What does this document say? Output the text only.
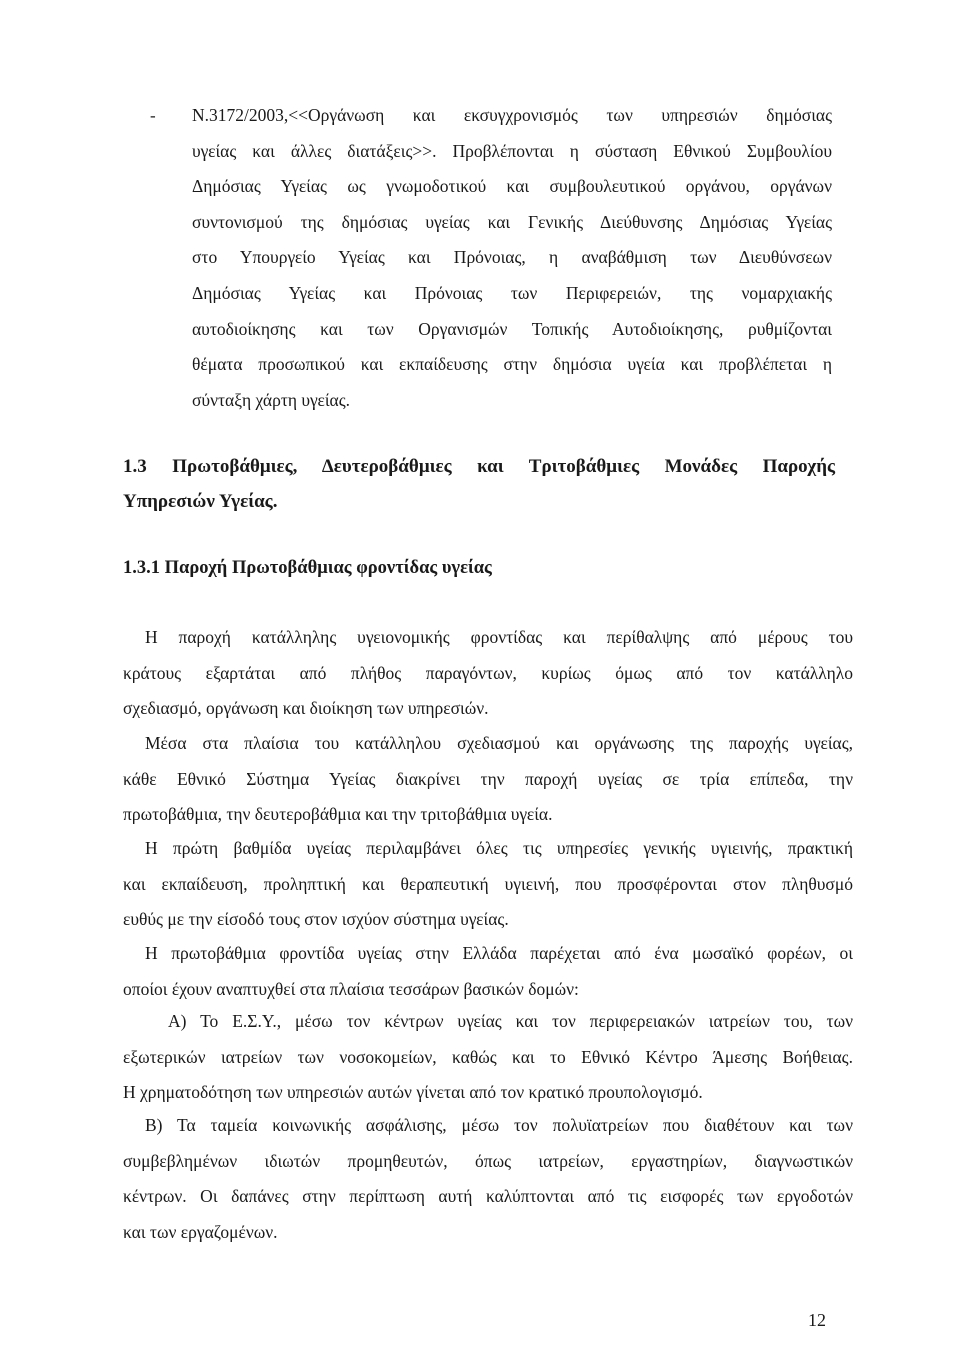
- Ν.3172/2003,<<Οργάνωση και εκσυγχρονισμός των υπηρεσιών δημόσιας
υγείας και άλλες διατάξεις>>. Προβλέπονται η σύσταση Εθνικού Συμβουλίου
Δημόσιας Υγείας ως γνωμοδοτικού και συμβουλευτικού οργάνου, οργάνων
συντονισμού της δημόσιας υγείας και Γενικής Διεύθυνσης Δημόσιας Υγείας
στο Υπουργείο Υγείας και Πρόνοιας, η αναβάθμιση των Διευθύνσεων
Δημόσιας Υγείας και Πρόνοιας των Περιφερειών, της νομαρχιακής
αυτοδιοίκησης και των Οργανισμών Τοπικής Αυτοδιοίκησης, ρυθμίζονται
θέματα προσωπικού και εκπαίδευσης στην δημόσια υγεία και προβλέπεται η
σύνταξη χάρτη υγείας.
1.3 Πρωτοβάθμιες, Δευτεροβάθμιες και Τριτοβάθμιες Μονάδες Παροχής
Υπηρεσιών Υγείας.
1.3.1 Παροχή Πρωτοβάθμιας φροντίδας υγείας
Η παροχή κατάλληλης υγειονομικής φροντίδας και περίθαλψης από μέρους του
κράτους εξαρτάται από πλήθος παραγόντων, κυρίως όμως από τον κατάλληλο
σχεδιασμό, οργάνωση και διοίκηση των υπηρεσιών.
Μέσα στα πλαίσια του κατάλληλου σχεδιασμού και οργάνωσης της παροχής υγείας,
κάθε Εθνικό Σύστημα Υγείας διακρίνει την παροχή υγείας σε τρία επίπεδα, την
πρωτοβάθμια, την δευτεροβάθμια και την τριτοβάθμια υγεία.
Η πρώτη βαθμίδα υγείας περιλαμβάνει όλες τις υπηρεσίες γενικής υγιεινής, πρακτική
και εκπαίδευση, προληπτική και θεραπευτική υγιεινή, που προσφέρονται στον πληθυσμό
ευθύς με την είσοδό τους στον ισχύον σύστημα υγείας.
Η πρωτοβάθμια φροντίδα υγείας στην Ελλάδα παρέχεται από ένα μωσαϊκό φορέων, οι
οποίοι έχουν αναπτυχθεί στα πλαίσια τεσσάρων βασικών δομών:
Α) Το Ε.Σ.Υ., μέσω τον κέντρων υγείας και τον περιφερειακών ιατρείων του, των
εξωτερικών ιατρείων των νοσοκομείων, καθώς και το Εθνικό Κέντρο Άμεσης Βοήθειας.
Η χρηματοδότηση των υπηρεσιών αυτών γίνεται από τον κρατικό προυπολογισμό.
Β) Τα ταμεία κοινωνικής ασφάλισης, μέσω τον πολυϊατρείων που διαθέτουν και των
συμβεβλημένων ιδιωτών προμηθευτών, όπως ιατρείων, εργαστηρίων, διαγνωστικών
κέντρων. Οι δαπάνες στην περίπτωση αυτή καλύπτονται από τις εισφορές των εργοδοτών
και των εργαζομένων.
12
